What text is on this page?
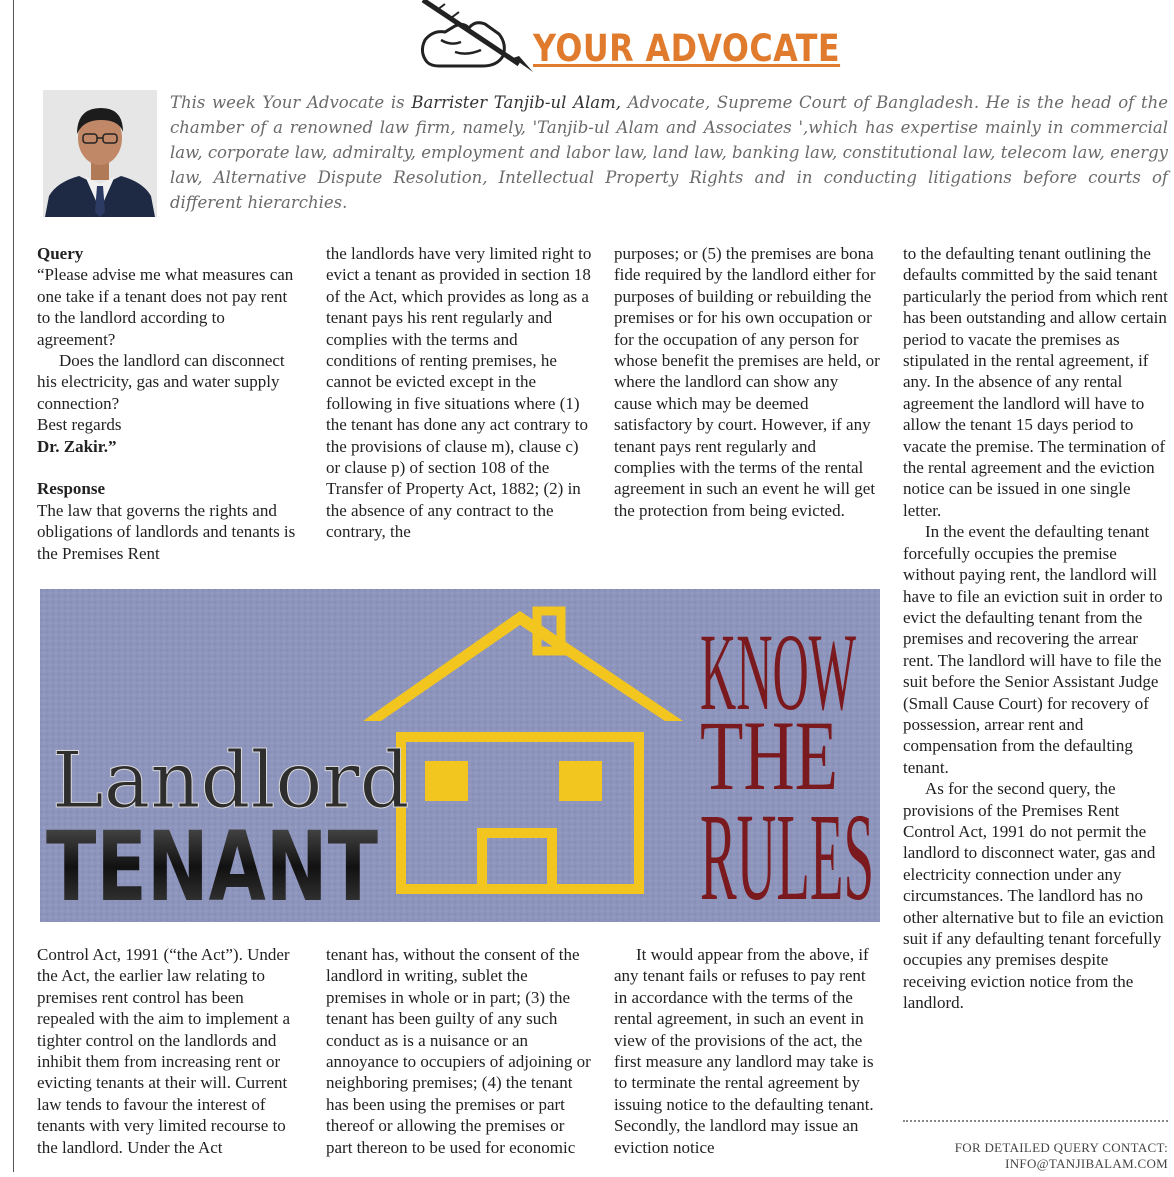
YOUR ADVOCATE
This week Your Advocate is Barrister Tanjib-ul Alam, Advocate, Supreme Court of Bangladesh. He is the head of the chamber of a renowned law firm, namely, 'Tanjib-ul Alam and Associates ',which has expertise mainly in commercial law, corporate law, admiralty, employment and labor law, land law, banking law, constitutional law, telecom law, energy law, Alternative Dispute Resolution, Intellectual Property Rights and in conducting litigations before courts of different hierarchies.

Query

“Please advise me what measures can one take if a tenant does not pay rent to the landlord according to agreement?

Does the landlord can disconnect his electricity, gas and water supply connection?

Best regards

Dr. Zakir.”

Response

The law that governs the rights and obligations of landlords and tenants is the Premises Rent

the landlords have very limited right to evict a tenant as provided in section 18 of the Act, which provides as long as a tenant pays his rent regularly and complies with the terms and conditions of renting premises, he cannot be evicted except in the following in five situations where (1) the tenant has done any act contrary to the provisions of clause m), clause c) or clause p) of section 108 of the Transfer of Property Act, 1882; (2) in the absence of any contract to the contrary, the

purposes; or (5) the premises are bona fide required by the landlord either for purposes of building or rebuilding the premises or for his own occupation or for the occupation of any person for whose benefit the premises are held, or where the landlord can show any cause which may be deemed satisfactory by court. However, if any tenant pays rent regularly and complies with the terms of the rental agreement in such an event he will get the protection from being evicted.

to the defaulting tenant outlining the defaults committed by the said tenant particularly the period from which rent has been outstanding and allow certain period to vacate the premises as stipulated in the rental agreement, if any. In the absence of any rental agreement the landlord will have to allow the tenant 15 days period to vacate the premise. The termination of the rental agreement and the eviction notice can be issued in one single letter.

In the event the defaulting tenant forcefully occupies the premise without paying rent, the landlord will have to file an eviction suit in order to evict the defaulting tenant from the premises and recovering the arrear rent. The landlord will have to file the suit before the Senior Assistant Judge (Small Cause Court) for recovery of possession, arrear rent and compensation from the defaulting tenant.

As for the second query, the provisions of the Premises Rent Control Act, 1991 do not permit the landlord to disconnect water, gas and electricity connection under any circumstances. The landlord has no other alternative but to file an eviction suit if any defaulting tenant forcefully occupies any premises despite receiving eviction notice from the landlord.

Landlord
TENANT
KNOW
THE
RULES

Control Act, 1991 (“the Act”). Under the Act, the earlier law relating to premises rent control has been repealed with the aim to implement a tighter control on the landlords and inhibit them from increasing rent or evicting tenants at their will. Current law tends to favour the interest of tenants with very limited recourse to the landlord. Under the Act

tenant has, without the consent of the landlord in writing, sublet the premises in whole or in part; (3) the tenant has been guilty of any such conduct as is a nuisance or an annoyance to occupiers of adjoining or neighboring premises; (4) the tenant has been using the premises or part thereof or allowing the premises or part thereon to be used for economic

It would appear from the above, if any tenant fails or refuses to pay rent in accordance with the terms of the rental agreement, in such an event in view of the provisions of the act, the first measure any landlord may take is to terminate the rental agreement by issuing notice to the defaulting tenant. Secondly, the landlord may issue an eviction notice	FOR DETAILED QUERY CONTACT:
INFO@TANJIBALAM.COM
